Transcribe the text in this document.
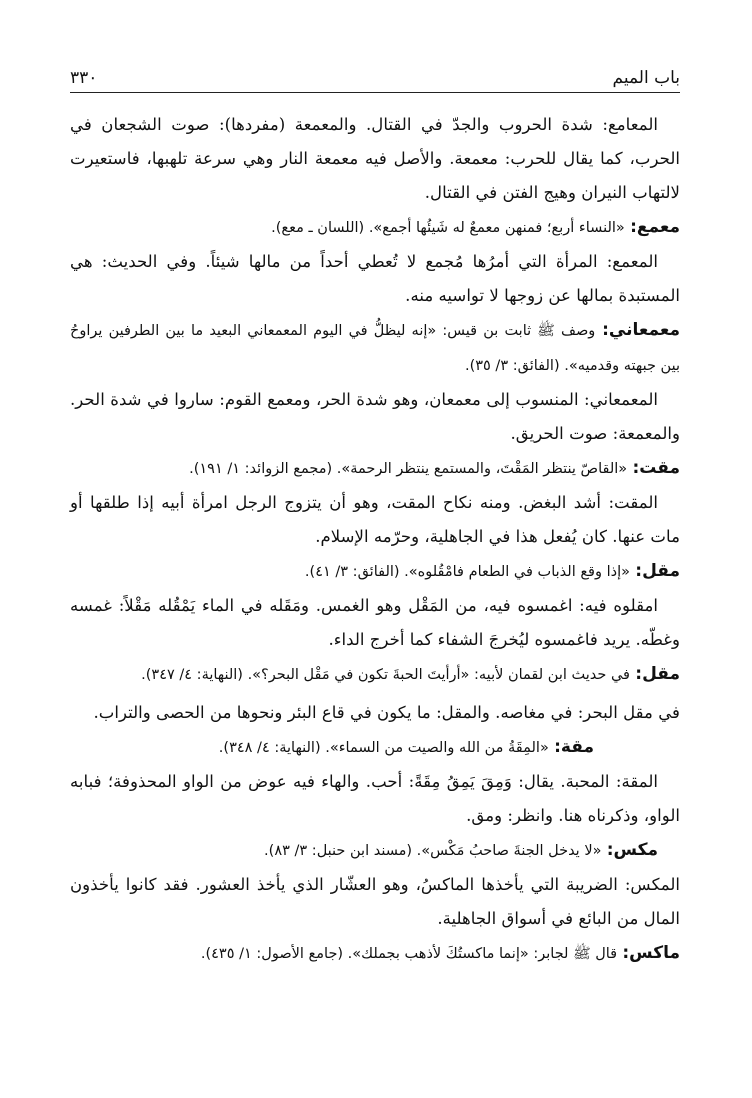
باب الميم
٣٣٠

المعامع: شدة الحروب والجدّ في القتال. والمعمعة (مفردها): صوت الشجعان في الحرب، كما يقال للحرب: معمعة. والأصل فيه معمعة النار وهي سرعة تلهبها، فاستعيرت لالتهاب النيران وهيج الفتن في القتال.

معمع: «النساء أربع؛ فمنهن معمعٌ له شَيئُها أجمع». (اللسان ـ معع).

المعمع: المرأة التي أمرُها مُجمع لا تُعطي أحداً من مالها شيئاً. وفي الحديث: هي المستبدة بمالها عن زوجها لا تواسيه منه.

معمعاني: وصف ﷺ ثابت بن قيس: «إنه ليظلُّ في اليوم المعمعاني البعيد ما بين الطرفين يراوحُ بين جبهته وقدميه». (الفائق: ٣/ ٣٥).

المعمعاني: المنسوب إلى معمعان، وهو شدة الحر، ومعمع القوم: ساروا في شدة الحر. والمعمعة: صوت الحريق.

مقت: «القاصّ ينتظر المَقْتَ، والمستمع ينتظر الرحمة». (مجمع الزوائد: ١/ ١٩١).

المقت: أشد البغض. ومنه نكاح المقت، وهو أن يتزوج الرجل امرأة أبيه إذا طلقها أو مات عنها. كان يُفعل هذا في الجاهلية، وحرّمه الإسلام.

مقل: «إذا وقع الذباب في الطعام فامْقُلوه». (الفائق: ٣/ ٤١).

امقلوه فيه: اغمسوه فيه، من المَقْل وهو الغمس. ومَقَله في الماء يَمْقُله مَقْلاً: غمسه وغطّه. يريد فاغمسوه ليُخرجَ الشفاء كما أخرج الداء.

مقل: في حديث ابن لقمان لأبيه: «أرأيتَ الحبةَ تكون في مَقْل البحر؟». (النهاية: ٤/ ٣٤٧).

في مقل البحر: في مغاصه. والمقل: ما يكون في قاع البئر ونحوها من الحصى والتراب.

مقة: «المِقَةُ من الله والصيت من السماء». (النهاية: ٤/ ٣٤٨).

المقة: المحبة. يقال: وَمِقَ يَمِقُ مِقَةً: أحب. والهاء فيه عوض من الواو المحذوفة؛ فبابه الواو، وذكرناه هنا. وانظر: ومق.

مكس: «لا يدخل الجنةَ صاحبُ مَكْس». (مسند ابن حنبل: ٣/ ٨٣).

المكس: الضريبة التي يأخذها الماكسُ، وهو العشّار الذي يأخذ العشور. فقد كانوا يأخذون المال من البائع في أسواق الجاهلية.

ماكس: قال ﷺ لجابر: «إنما ماكستُكَ لأذهب بجملك». (جامع الأصول: ١/ ٤٣٥).
